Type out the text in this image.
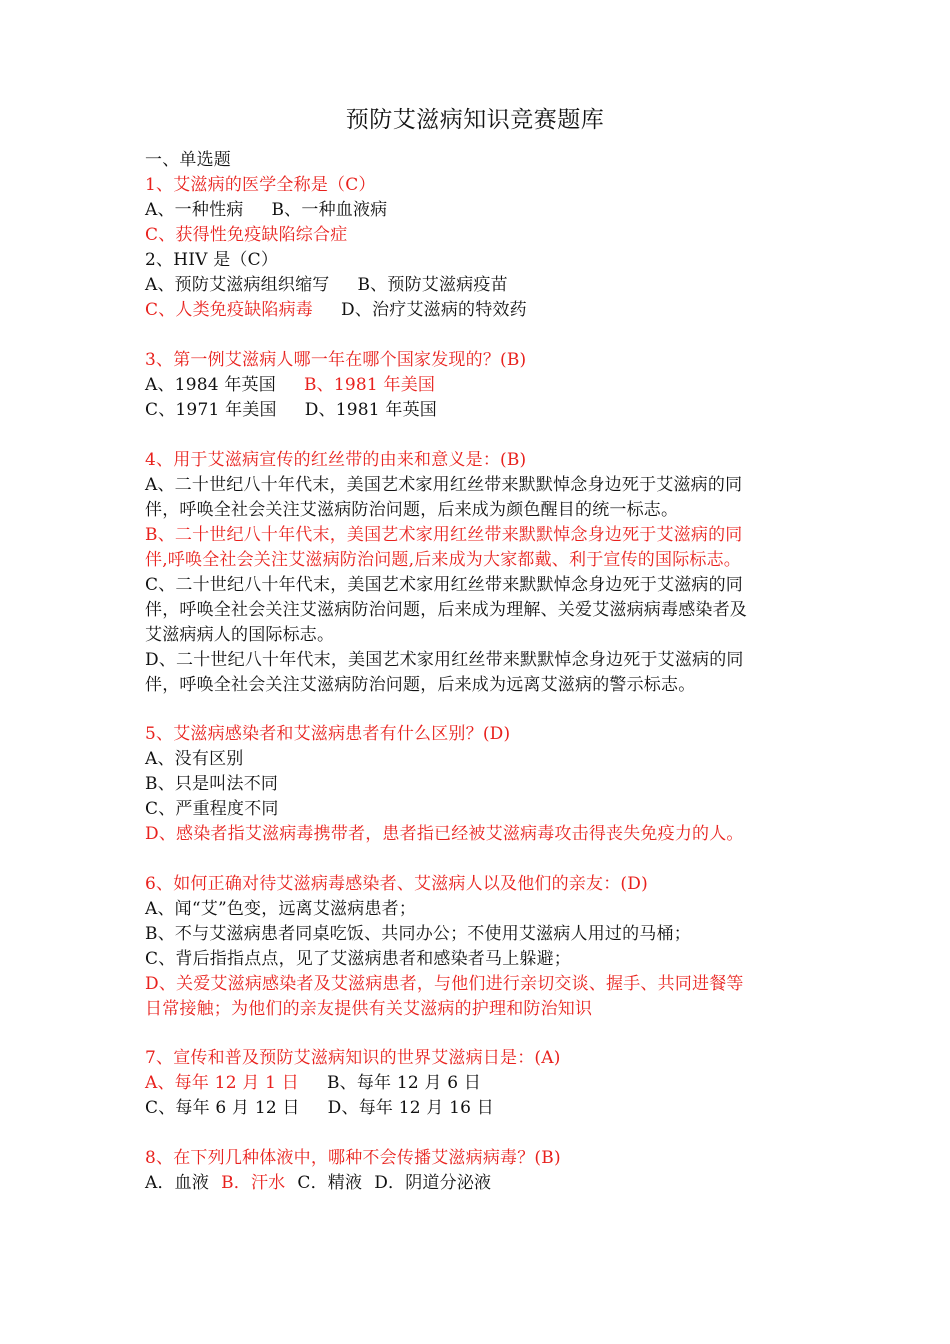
预防艾滋病知识竞赛题库
一、单选题
1、艾滋病的医学全称是（C）
A、一种性病 B、一种血液病
C、获得性免疫缺陷综合症
2、HIV 是（C）
A、预防艾滋病组织缩写 B、预防艾滋病疫苗
C、人类免疫缺陷病毒 D、治疗艾滋病的特效药
3、第一例艾滋病人哪一年在哪个国家发现的？(B)
A、1984 年英国 B、1981 年美国
C、1971 年美国 D、1981 年英国
4、用于艾滋病宣传的红丝带的由来和意义是：(B)
A、二十世纪八十年代末，美国艺术家用红丝带来默默悼念身边死于艾滋病的同
伴，呼唤全社会关注艾滋病防治问题，后来成为颜色醒目的统一标志。
B、二十世纪八十年代末，美国艺术家用红丝带来默默悼念身边死于艾滋病的同
伴,呼唤全社会关注艾滋病防治问题,后来成为大家都戴、利于宣传的国际标志。
C、二十世纪八十年代末，美国艺术家用红丝带来默默悼念身边死于艾滋病的同
伴，呼唤全社会关注艾滋病防治问题，后来成为理解、关爱艾滋病病毒感染者及
艾滋病病人的国际标志。
D、二十世纪八十年代末，美国艺术家用红丝带来默默悼念身边死于艾滋病的同
伴，呼唤全社会关注艾滋病防治问题，后来成为远离艾滋病的警示标志。
5、艾滋病感染者和艾滋病患者有什么区别？(D)
A、没有区别
B、只是叫法不同
C、严重程度不同
D、感染者指艾滋病毒携带者，患者指已经被艾滋病毒攻击得丧失免疫力的人。
6、如何正确对待艾滋病毒感染者、艾滋病人以及他们的亲友：(D)
A、闻“艾”色变，远离艾滋病患者；
B、不与艾滋病患者同桌吃饭、共同办公；不使用艾滋病人用过的马桶；
C、背后指指点点，见了艾滋病患者和感染者马上躲避；
D、关爱艾滋病感染者及艾滋病患者，与他们进行亲切交谈、握手、共同进餐等
日常接触；为他们的亲友提供有关艾滋病的护理和防治知识
7、宣传和普及预防艾滋病知识的世界艾滋病日是：(A)
A、每年 12 月 1 日 B、每年 12 月 6 日
C、每年 6 月 12 日 D、每年 12 月 16 日
8、在下列几种体液中，哪种不会传播艾滋病病毒？(B)
A．血液 B．汗水 C．精液 D．阴道分泌液
